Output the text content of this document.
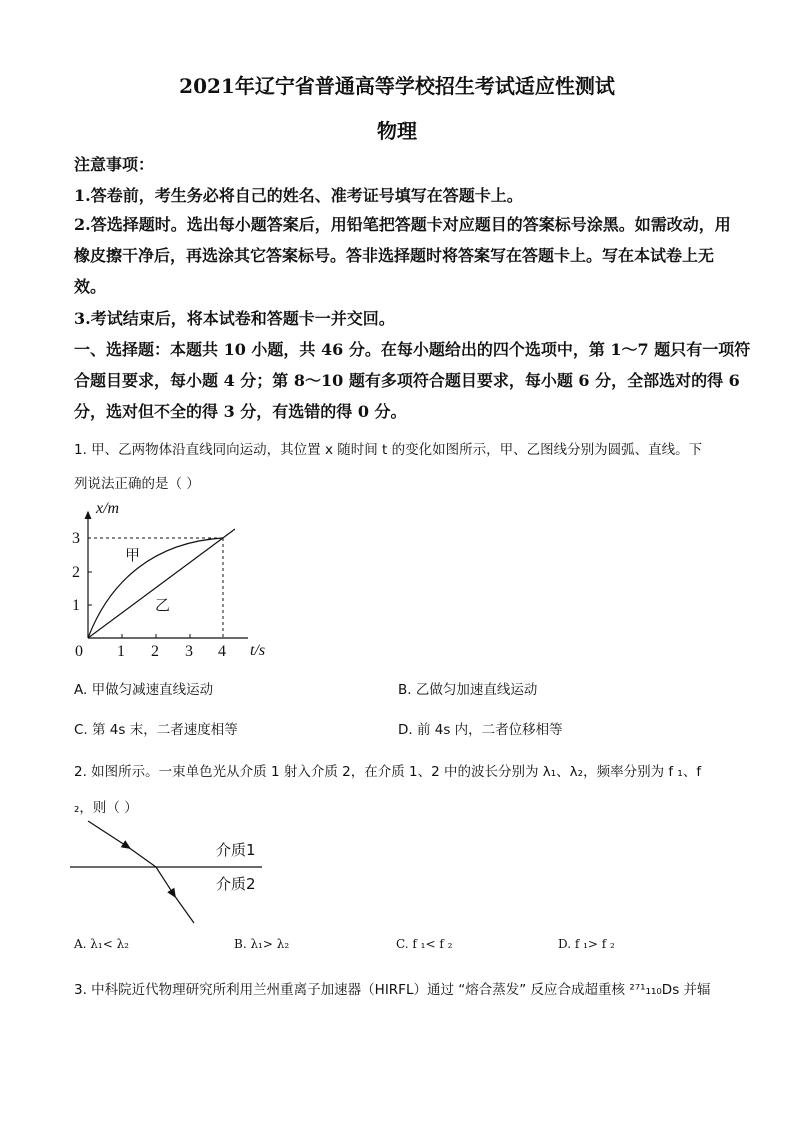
2021年辽宁省普通高等学校招生考试适应性测试
物理
注意事项：
1.答卷前，考生务必将自己的姓名、准考证号填写在答题卡上。
2.答选择题时。选出每小题答案后，用铅笔把答题卡对应题目的答案标号涂黑。如需改动，用
橡皮擦干净后，再选涂其它答案标号。答非选择题时将答案写在答题卡上。写在本试卷上无
效。
3.考试结束后，将本试卷和答题卡一并交回。
一、选择题：本题共 10 小题，共 46 分。在每小题给出的四个选项中，第 1～7 题只有一项符
合题目要求，每小题 4 分；第 8～10 题有多项符合题目要求，每小题 6 分，全部选对的得 6
分，选对但不全的得 3 分，有选错的得 0 分。
1. 甲、乙两物体沿直线同向运动，其位置 x 随时间 t 的变化如图所示，甲、乙图线分别为圆弧、直线。下
列说法正确的是（ ）
x/m
t/s
0 1 2 3 4
1
2
3
甲
乙
A. 甲做匀减速直线运动	B. 乙做匀加速直线运动
C. 第 4s 末，二者速度相等	D. 前 4s 内，二者位移相等
2. 如图所示。一束单色光从介质 1 射入介质 2，在介质 1、2 中的波长分别为 λ₁、λ₂，频率分别为 f ₁、f
₂，则（ ）
介质1
介质2
A. λ₁< λ₂	B. λ₁> λ₂	C. f ₁< f ₂	D. f ₁> f ₂
3. 中科院近代物理研究所利用兰州重离子加速器（HIRFL）通过 “熔合蒸发” 反应合成超重核 ²⁷¹₁₁₀Ds 并辐
